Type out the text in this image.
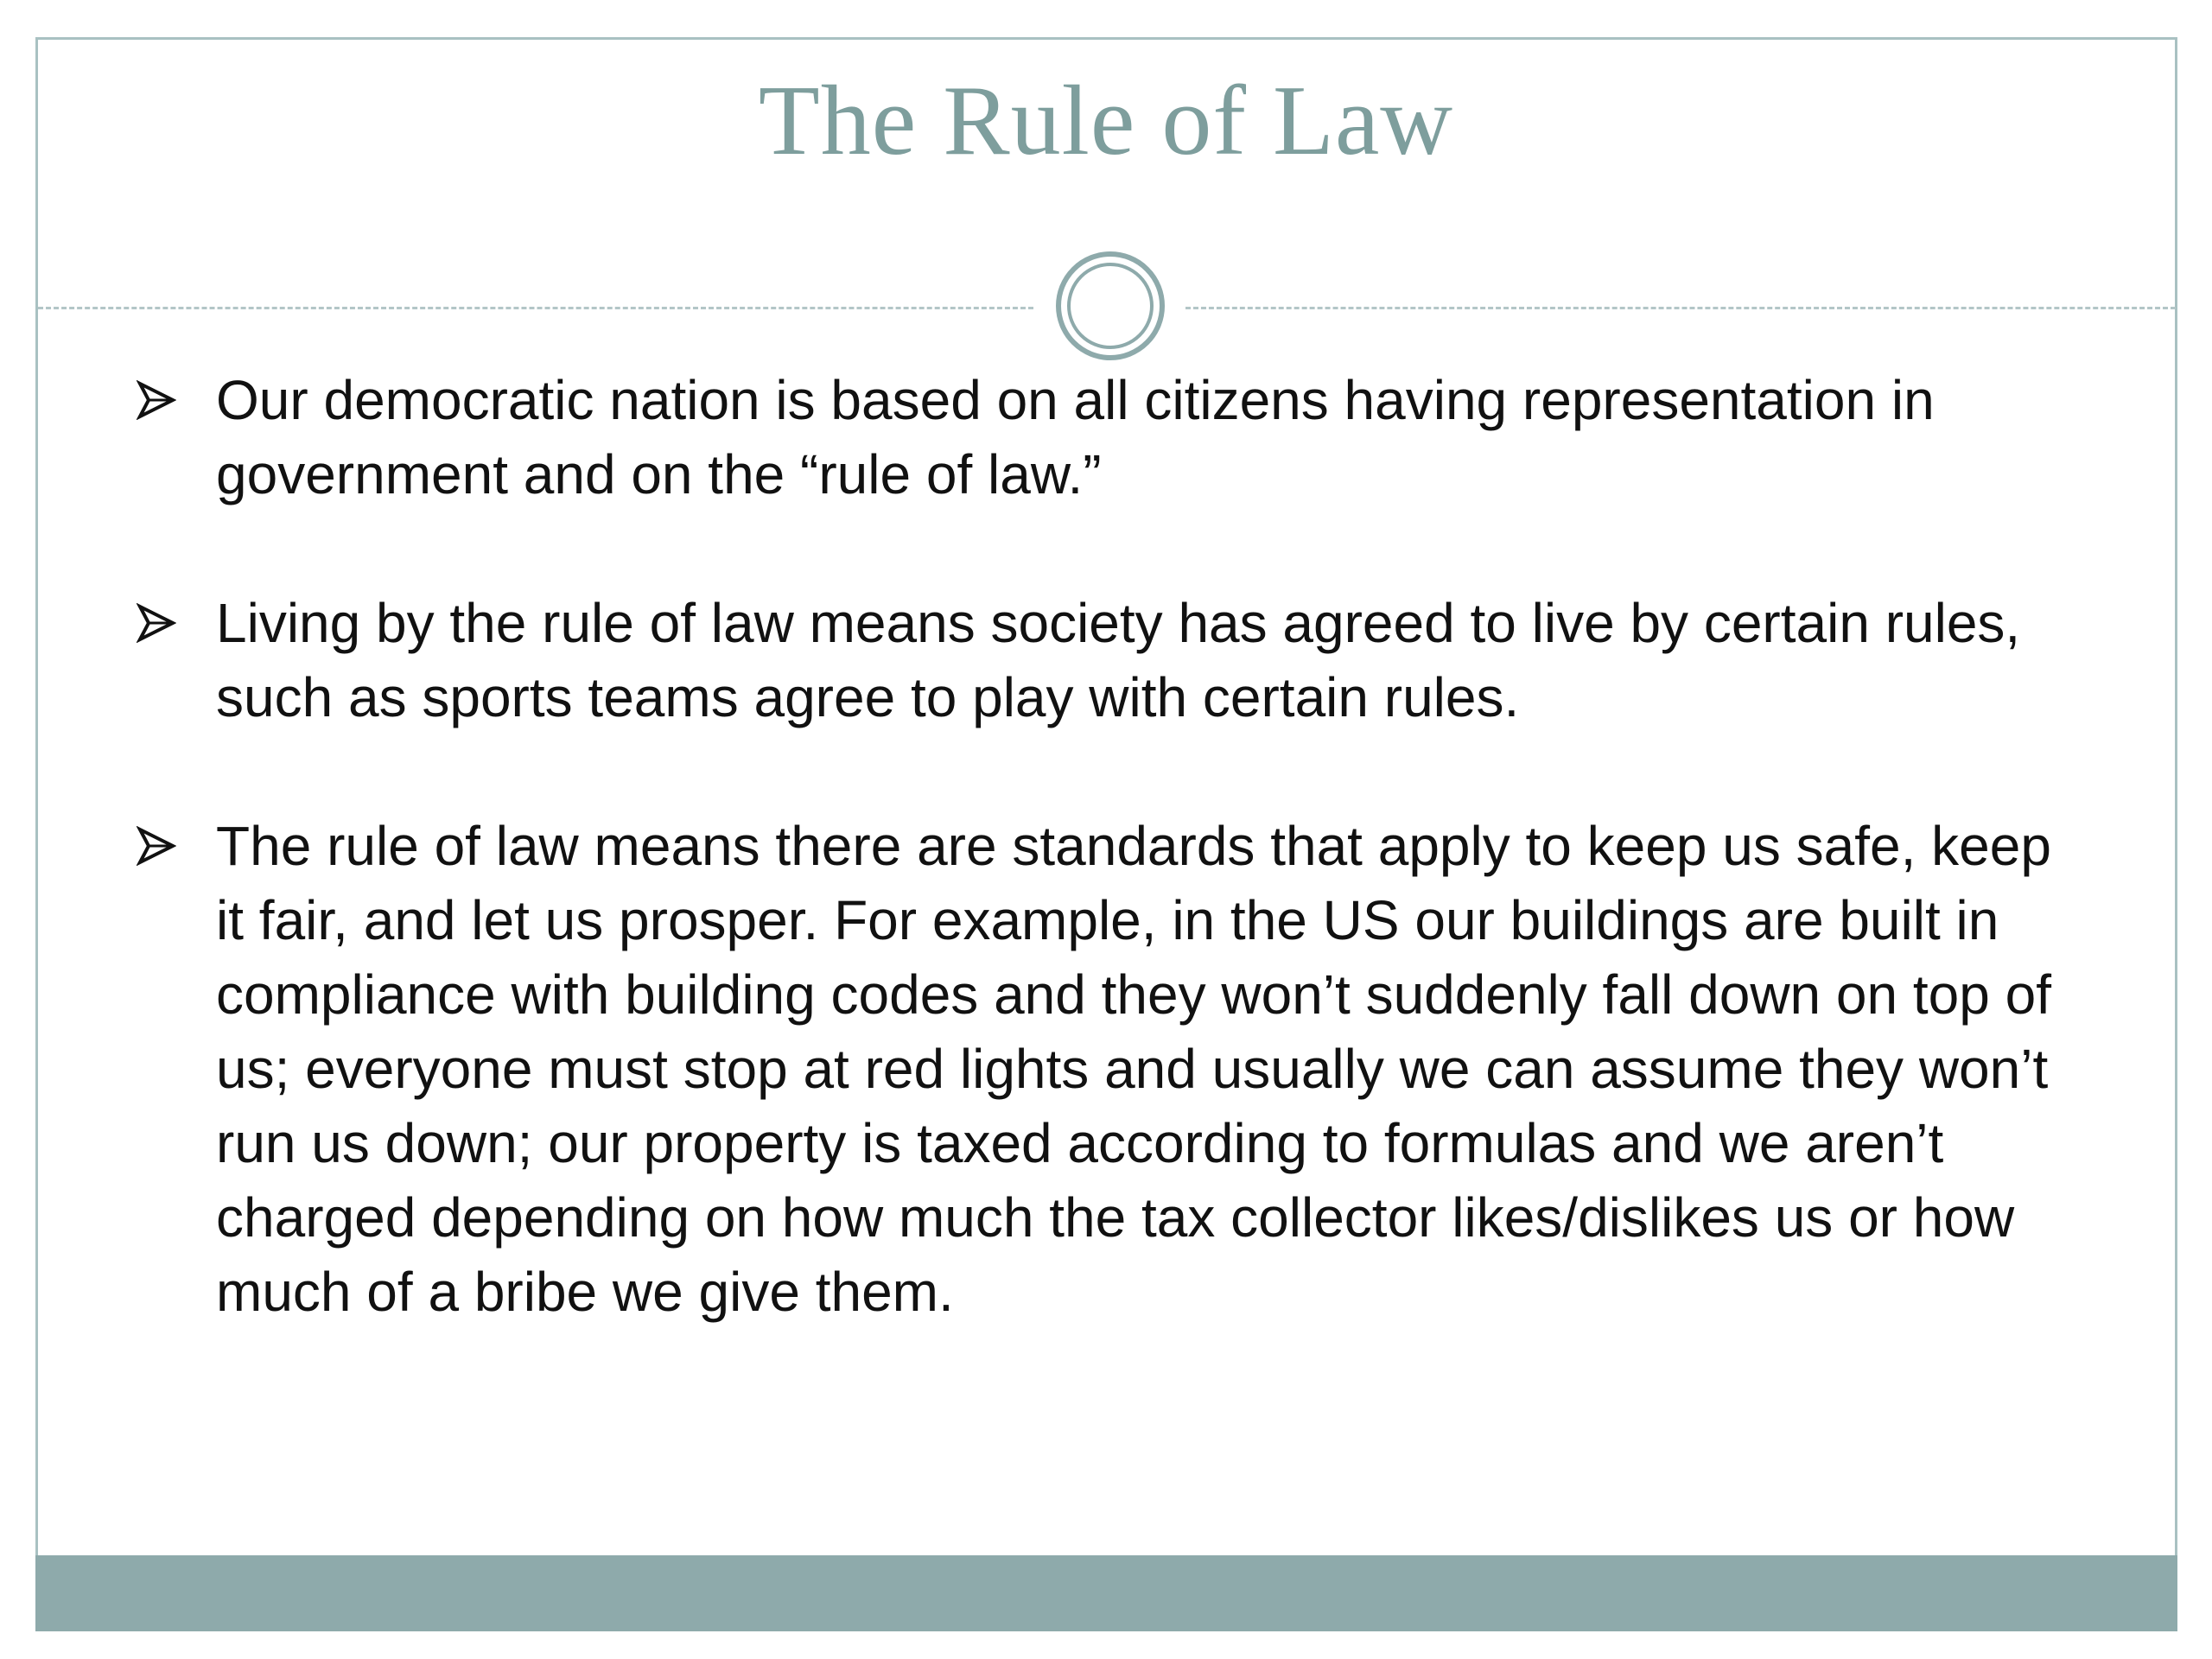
The Rule of Law
Our democratic nation is based on all citizens having representation in government and on the “rule of law.”
Living by the rule of law means society has agreed to live by certain rules, such as sports teams agree to play with certain rules.
The rule of law means there are standards that apply to keep us safe, keep it fair, and let us prosper. For example, in the US our buildings are built in compliance with building codes and they won’t suddenly fall down on top of us; everyone must stop at red lights and usually we can assume they won’t run us down; our property is taxed according to formulas and we aren’t charged depending on how much the tax collector likes/dislikes us or how much of a bribe we give them.
